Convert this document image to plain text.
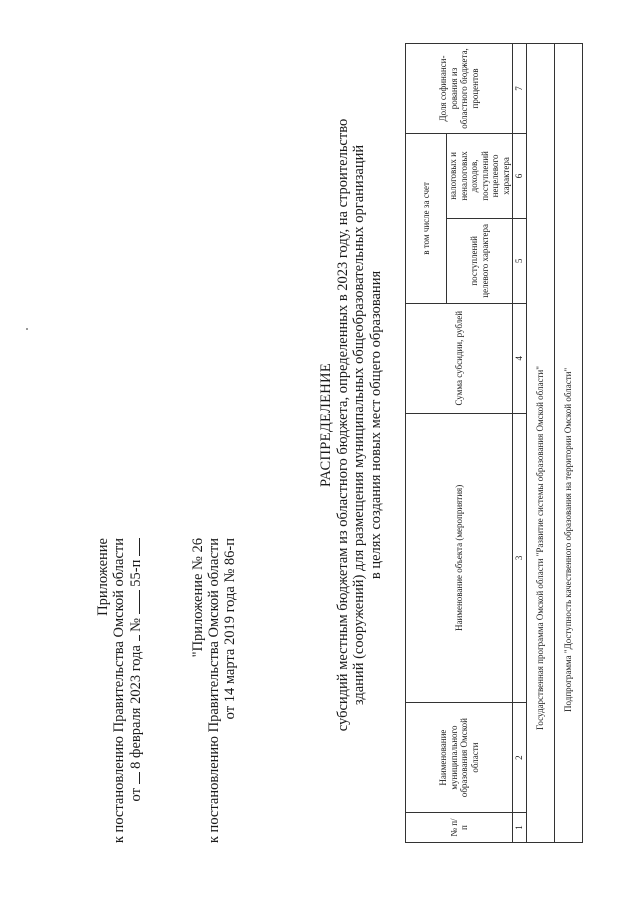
Приложение к постановлению Правительства Омской области от  8 февраля 2023 года  №  55-п	"Приложение № 26 к постановлению Правительства Омской области от 14 марта 2019 года № 86-п
РАСПРЕДЕЛЕНИЕ субсидий местным бюджетам из областного бюджета, определенных в 2023 году, на строительство зданий (сооружений) для размещения муниципальных общеобразовательных организаций в целях создания новых мест общего образования
№ п/п	Наименование муниципального образования Омской области	Наименование объекта (мероприятия)	Сумма субсидии, рублей	в том числе за счет		Доля софинанси-рования из областного бюджета, процентов
				поступлений целевого характера	налоговых и неналоговых доходов, поступлений нецелевого характера	
1	2	3	4	5	6	7
Государственная программа Омской области "Развитие системы образования Омской области"						
Подпрограмма "Доступность качественного образования на территории Омской области"						
